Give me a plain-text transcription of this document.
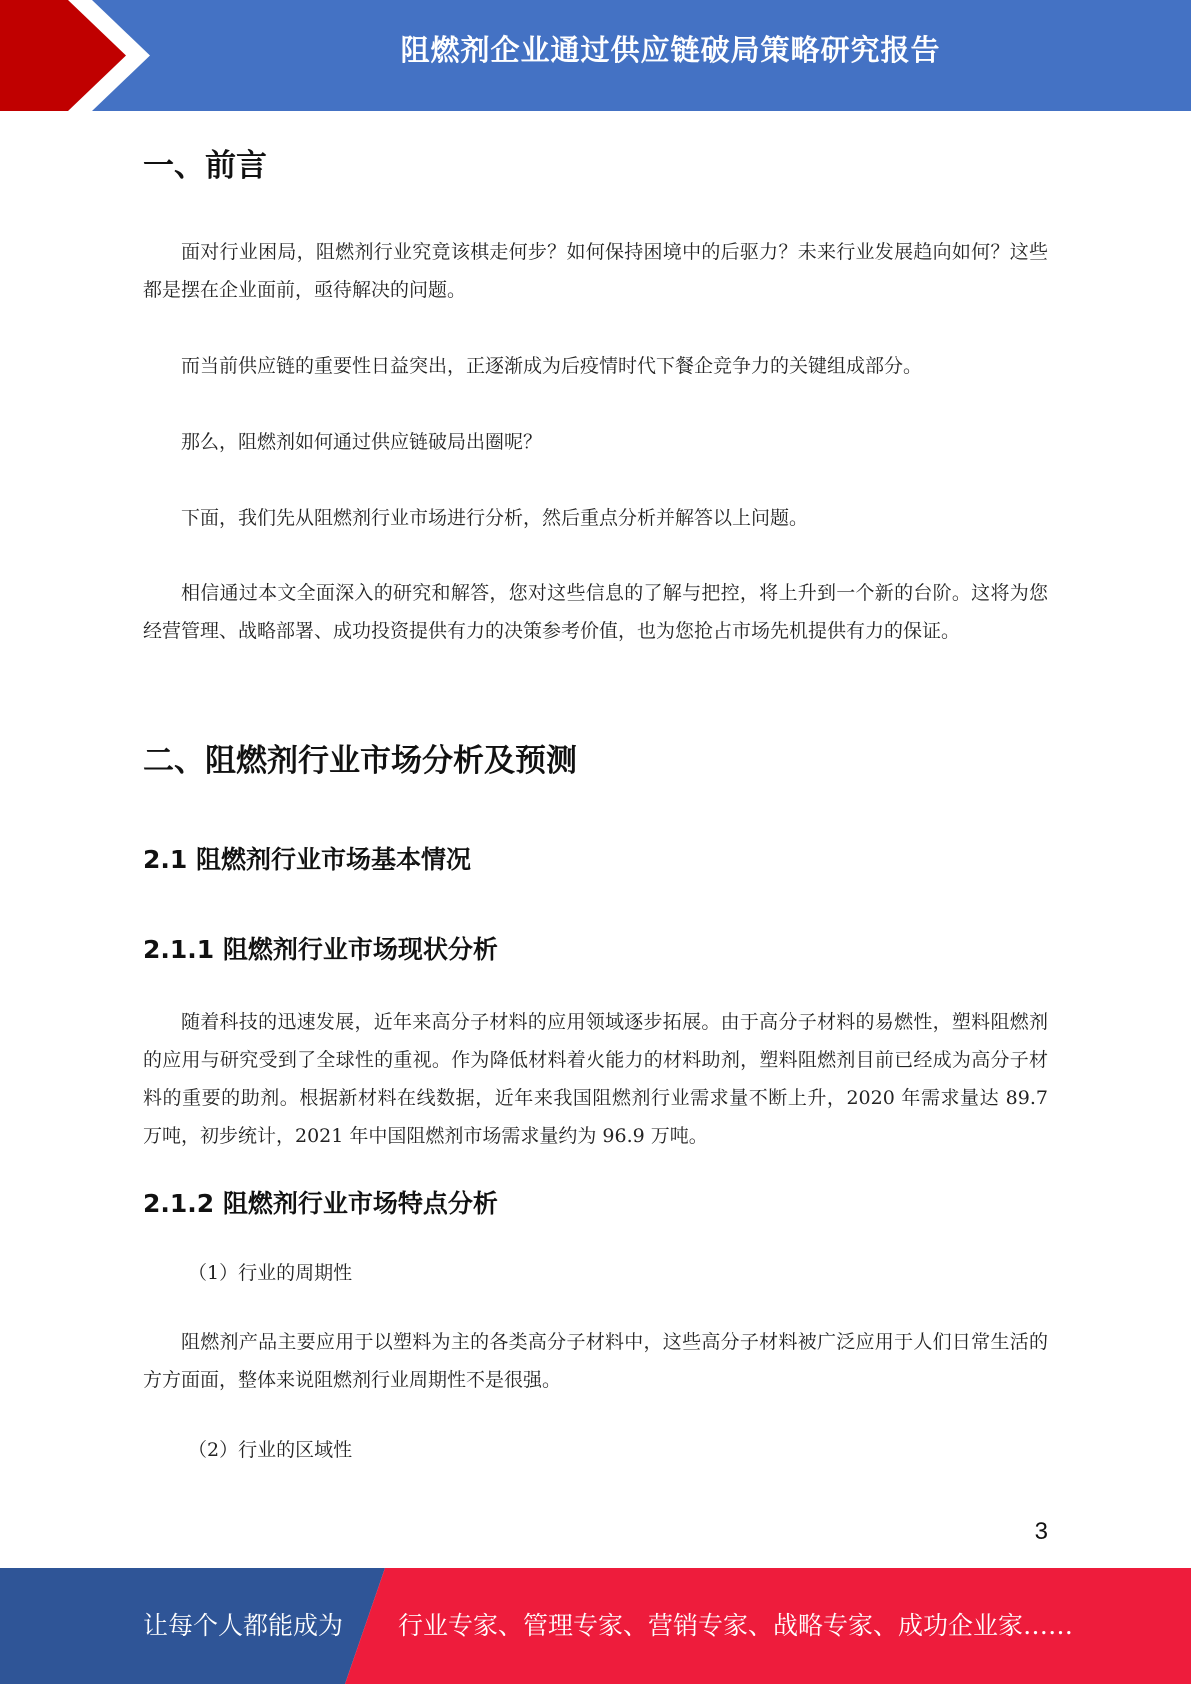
阻燃剂企业通过供应链破局策略研究报告
一、前言

面对行业困局，阻燃剂行业究竟该棋走何步？如何保持困境中的后驱力？未来行业发展趋向如何？这些都是摆在企业面前，亟待解决的问题。

而当前供应链的重要性日益突出，正逐渐成为后疫情时代下餐企竞争力的关键组成部分。

那么，阻燃剂如何通过供应链破局出圈呢？

下面，我们先从阻燃剂行业市场进行分析，然后重点分析并解答以上问题。

相信通过本文全面深入的研究和解答，您对这些信息的了解与把控，将上升到一个新的台阶。这将为您经营管理、战略部署、成功投资提供有力的决策参考价值，也为您抢占市场先机提供有力的保证。

二、阻燃剂行业市场分析及预测
2.1 阻燃剂行业市场基本情况
2.1.1 阻燃剂行业市场现状分析

随着科技的迅速发展，近年来高分子材料的应用领域逐步拓展。由于高分子材料的易燃性，塑料阻燃剂的应用与研究受到了全球性的重视。作为降低材料着火能力的材料助剂，塑料阻燃剂目前已经成为高分子材料的重要的助剂。根据新材料在线数据，近年来我国阻燃剂行业需求量不断上升，2020 年需求量达 89.7 万吨，初步统计，2021 年中国阻燃剂市场需求量约为 96.9 万吨。

2.1.2 阻燃剂行业市场特点分析
（1）行业的周期性

阻燃剂产品主要应用于以塑料为主的各类高分子材料中，这些高分子材料被广泛应用于人们日常生活的方方面面，整体来说阻燃剂行业周期性不是很强。

（2）行业的区域性
3
让每个人都能成为 行业专家、管理专家、营销专家、战略专家、成功企业家……
